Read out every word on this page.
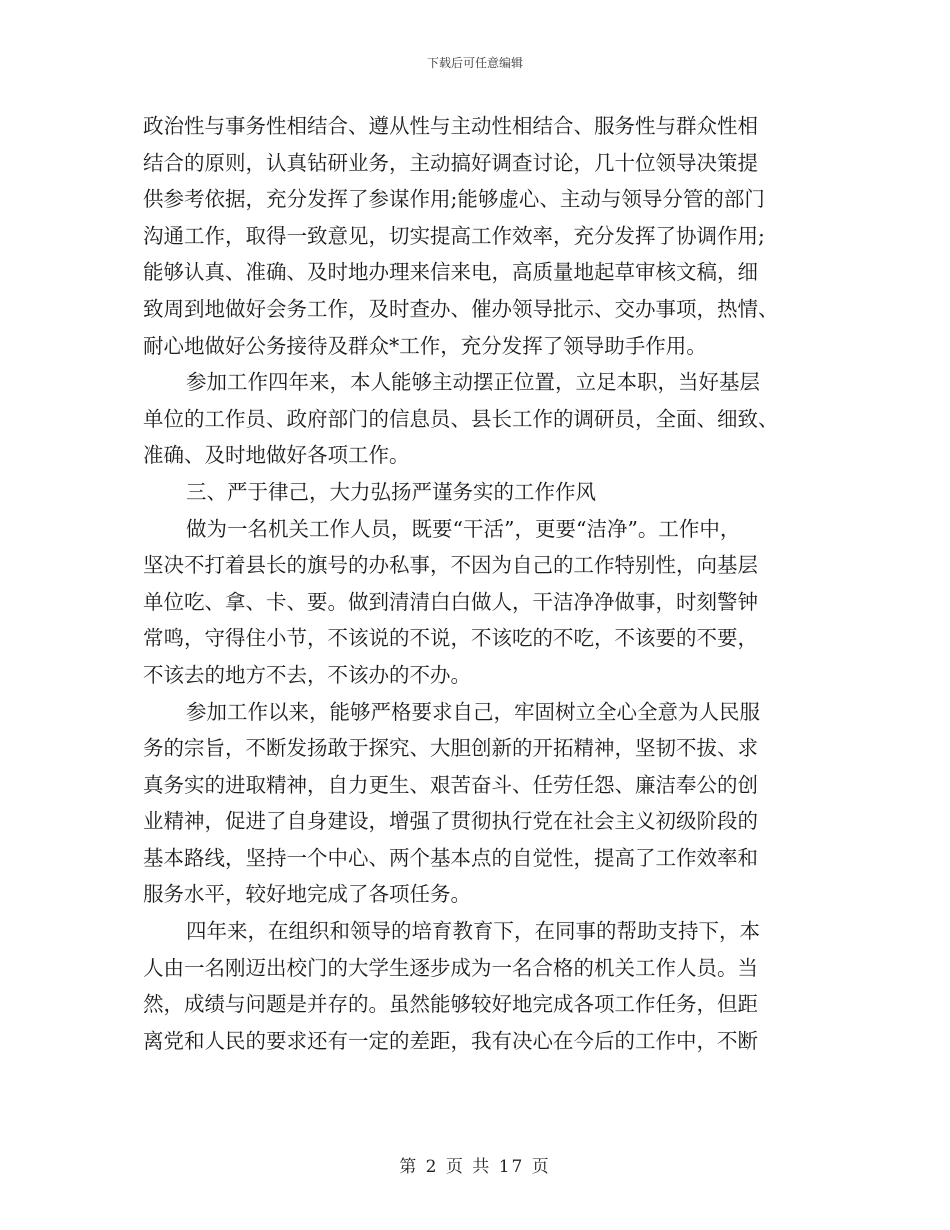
下载后可任意编辑
政治性与事务性相结合、遵从性与主动性相结合、服务性与群众性相
结合的原则，认真钻研业务，主动搞好调查讨论，几十位领导决策提
供参考依据，充分发挥了参谋作用;能够虚心、主动与领导分管的部门
沟通工作，取得一致意见，切实提高工作效率，充分发挥了协调作用;
能够认真、准确、及时地办理来信来电，高质量地起草审核文稿，细
致周到地做好会务工作，及时查办、催办领导批示、交办事项，热情、
耐心地做好公务接待及群众*工作，充分发挥了领导助手作用。
参加工作四年来，本人能够主动摆正位置，立足本职，当好基层
单位的工作员、政府部门的信息员、县长工作的调研员，全面、细致、
准确、及时地做好各项工作。
三、严于律己，大力弘扬严谨务实的工作作风
做为一名机关工作人员，既要“干活”，更要“洁净”。工作中，
坚决不打着县长的旗号的办私事，不因为自己的工作特别性，向基层
单位吃、拿、卡、要。做到清清白白做人，干洁净净做事，时刻警钟
常鸣，守得住小节，不该说的不说，不该吃的不吃，不该要的不要，
不该去的地方不去，不该办的不办。
参加工作以来，能够严格要求自己，牢固树立全心全意为人民服
务的宗旨，不断发扬敢于探究、大胆创新的开拓精神，坚韧不拔、求
真务实的进取精神，自力更生、艰苦奋斗、任劳任怨、廉洁奉公的创
业精神，促进了自身建设，增强了贯彻执行党在社会主义初级阶段的
基本路线，坚持一个中心、两个基本点的自觉性，提高了工作效率和
服务水平，较好地完成了各项任务。
四年来，在组织和领导的培育教育下，在同事的帮助支持下，本
人由一名刚迈出校门的大学生逐步成为一名合格的机关工作人员。当
然，成绩与问题是并存的。虽然能够较好地完成各项工作任务，但距
离党和人民的要求还有一定的差距，我有决心在今后的工作中，不断
第 2 页 共 17 页
